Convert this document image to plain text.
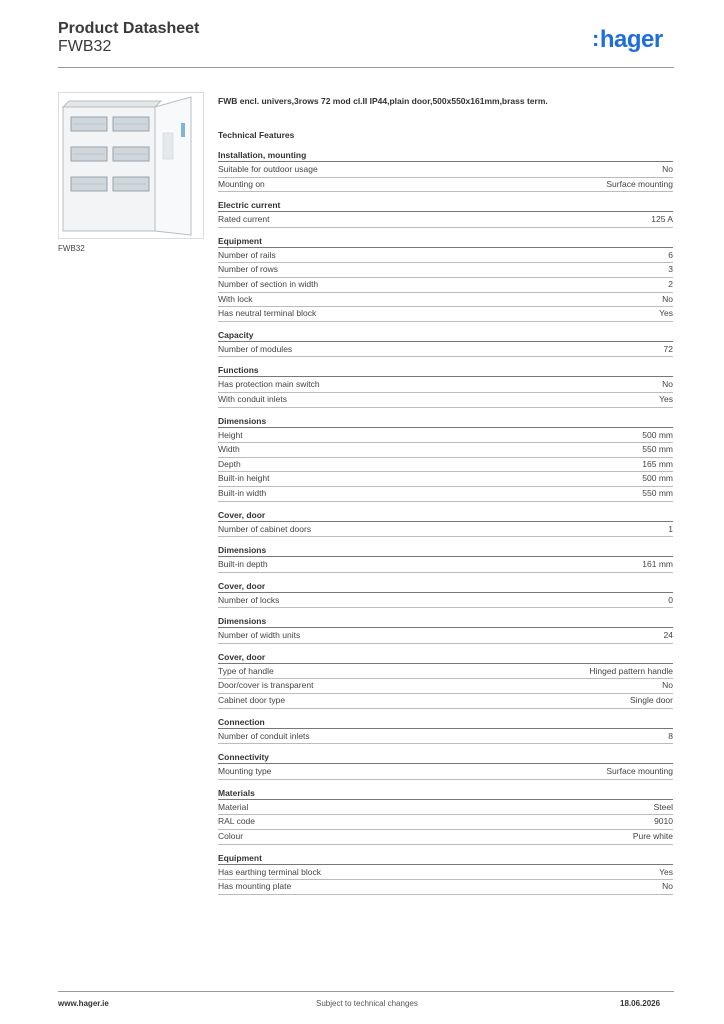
Product Datasheet
FWB32	:hager
FWB32
FWB encl. univers,3rows 72 mod cl.II IP44,plain door,500x550x161mm,brass term.
Technical Features
Installation, mounting
Suitable for outdoor usage	No
Mounting on	Surface mounting
Electric current
Rated current	125 A
Equipment
Number of rails	6
Number of rows	3
Number of section in width	2
With lock	No
Has neutral terminal block	Yes
Capacity
Number of modules	72
Functions
Has protection main switch	No
With conduit inlets	Yes
Dimensions
Height	500 mm
Width	550 mm
Depth	165 mm
Built-in height	500 mm
Built-in width	550 mm
Cover, door
Number of cabinet doors	1
Dimensions
Built-in depth	161 mm
Cover, door
Number of locks	0
Dimensions
Number of width units	24
Cover, door
Type of handle	Hinged pattern handle
Door/cover is transparent	No
Cabinet door type	Single door
Connection
Number of conduit inlets	8
Connectivity
Mounting type	Surface mounting
Materials
Material	Steel
RAL code	9010
Colour	Pure white
Equipment
Has earthing terminal block	Yes
Has mounting plate	No
www.hager.ie	Subject to technical changes	18.06.2026
